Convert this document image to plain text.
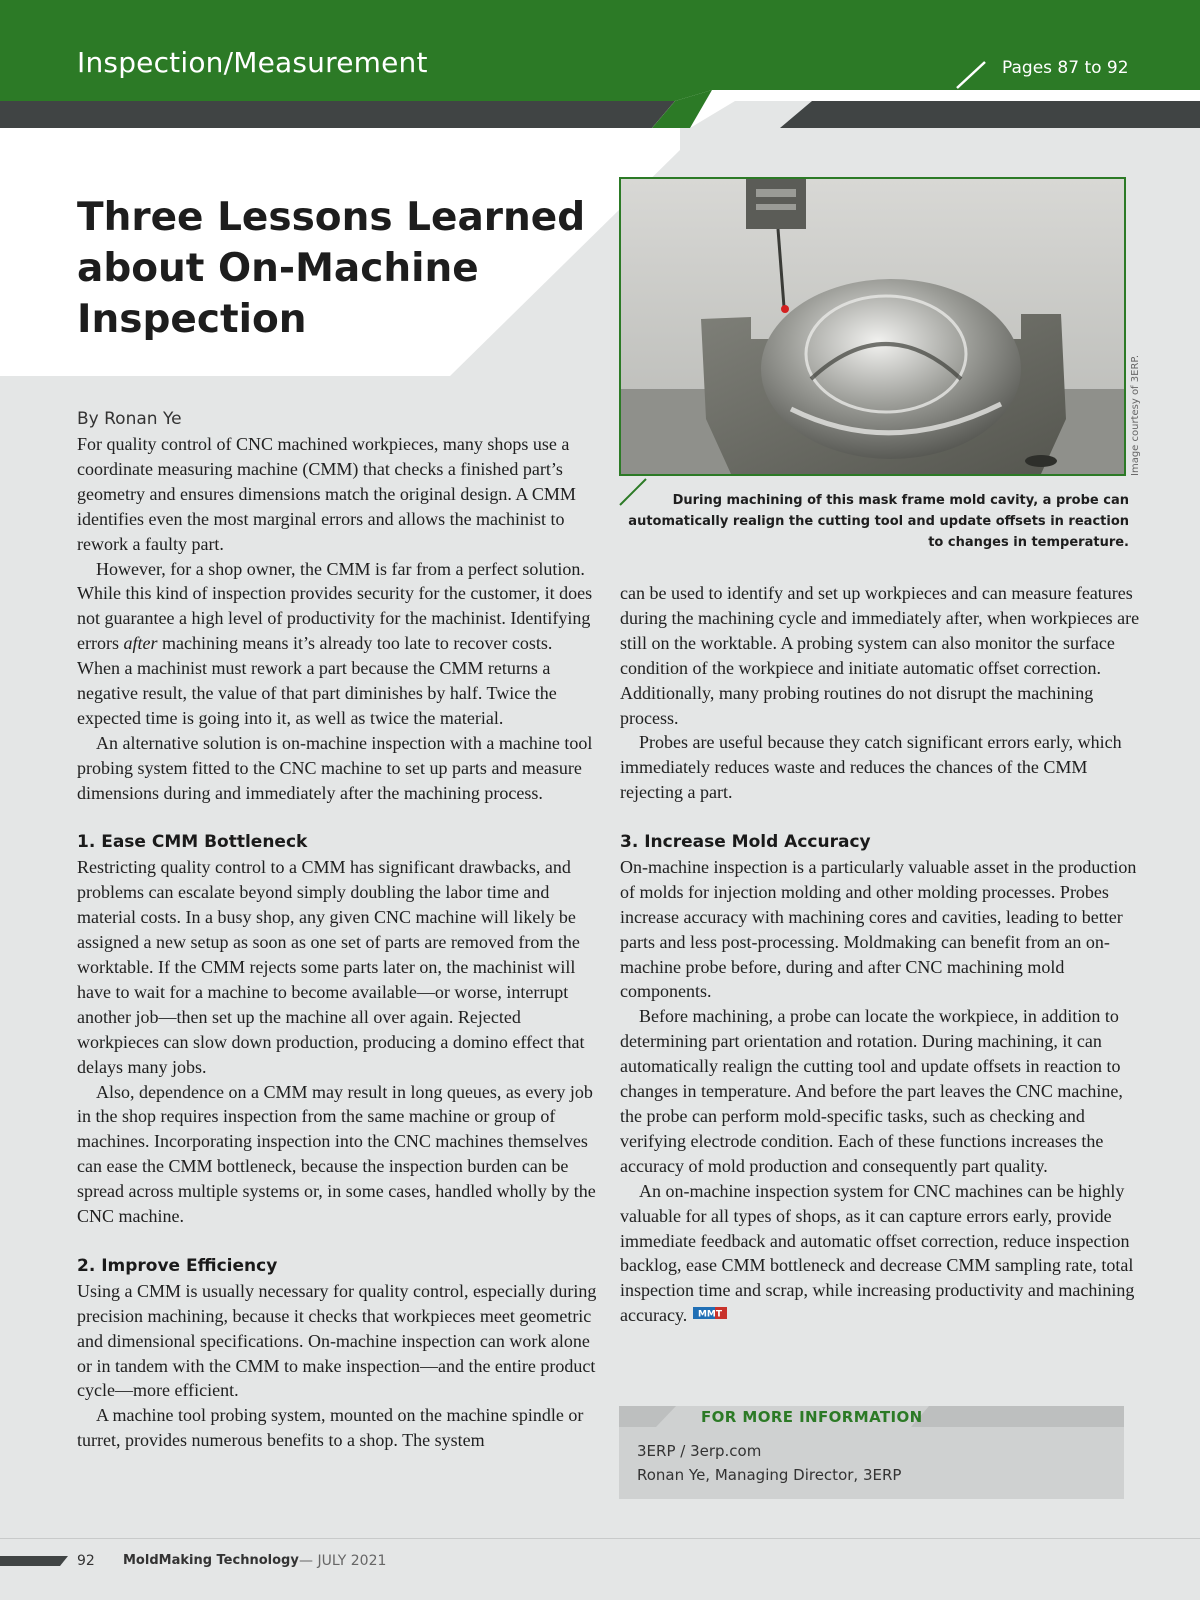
Inspection/Measurement	Pages 87 to 92
Three Lessons Learned
about On-Machine
Inspection
Image courtesy of 3ERP.
During machining of this mask frame mold cavity, a probe can automatically realign the cutting tool and update offsets in reaction to changes in temperature.
By Ronan Ye

For quality control of CNC machined workpieces, many shops use a coordinate measuring machine (CMM) that checks a finished part’s geometry and ensures dimensions match the original design. A CMM identifies even the most marginal errors and allows the machinist to rework a faulty part.

However, for a shop owner, the CMM is far from a perfect solution. While this kind of inspection provides security for the customer, it does not guarantee a high level of productivity for the machinist. Identifying errors after machining means it’s already too late to recover costs. When a machinist must rework a part because the CMM returns a negative result, the value of that part diminishes by half. Twice the expected time is going into it, as well as twice the material.

An alternative solution is on-machine inspection with a machine tool probing system fitted to the CNC machine to set up parts and measure dimensions during and immediately after the machining process.

1. Ease CMM Bottleneck

Restricting quality control to a CMM has significant drawbacks, and problems can escalate beyond simply doubling the labor time and material costs. In a busy shop, any given CNC machine will likely be assigned a new setup as soon as one set of parts are removed from the worktable. If the CMM rejects some parts later on, the machinist will have to wait for a machine to become available—or worse, interrupt another job—then set up the machine all over again. Rejected workpieces can slow down production, producing a domino effect that delays many jobs.

Also, dependence on a CMM may result in long queues, as every job in the shop requires inspection from the same machine or group of machines. Incorporating inspection into the CNC machines themselves can ease the CMM bottleneck, because the inspection burden can be spread across multiple systems or, in some cases, handled wholly by the CNC machine.

2. Improve Efficiency

Using a CMM is usually necessary for quality control, especially during precision machining, because it checks that workpieces meet geometric and dimensional specifications. On-machine inspection can work alone or in tandem with the CMM to make inspection—and the entire product cycle—more efficient.

A machine tool probing system, mounted on the machine spindle or turret, provides numerous benefits to a shop. The system

can be used to identify and set up workpieces and can measure features during the machining cycle and immediately after, when workpieces are still on the worktable. A probing system can also monitor the surface condition of the workpiece and initiate automatic offset correction. Additionally, many probing routines do not disrupt the machining process.

Probes are useful because they catch significant errors early, which immediately reduces waste and reduces the chances of the CMM rejecting a part.

3. Increase Mold Accuracy

On-machine inspection is a particularly valuable asset in the production of molds for injection molding and other molding processes. Probes increase accuracy with machining cores and cavities, leading to better parts and less post-processing. Moldmaking can benefit from an on-machine probe before, during and after CNC machining mold components.

Before machining, a probe can locate the workpiece, in addition to determining part orientation and rotation. During machining, it can automatically realign the cutting tool and update offsets in reaction to changes in temperature. And before the part leaves the CNC machine, the probe can perform mold-specific tasks, such as checking and verifying electrode condition. Each of these functions increases the accuracy of mold production and consequently part quality.

An on-machine inspection system for CNC machines can be highly valuable for all types of shops, as it can capture errors early, provide immediate feedback and automatic offset correction, reduce inspection backlog, ease CMM bottleneck and decrease CMM sampling rate, total inspection time and scrap, while increasing productivity and machining accuracy. MMT

FOR MORE INFORMATION
3ERP / 3erp.com
Ronan Ye, Managing Director, 3ERP
92 MoldMaking Technology — JULY 2021
